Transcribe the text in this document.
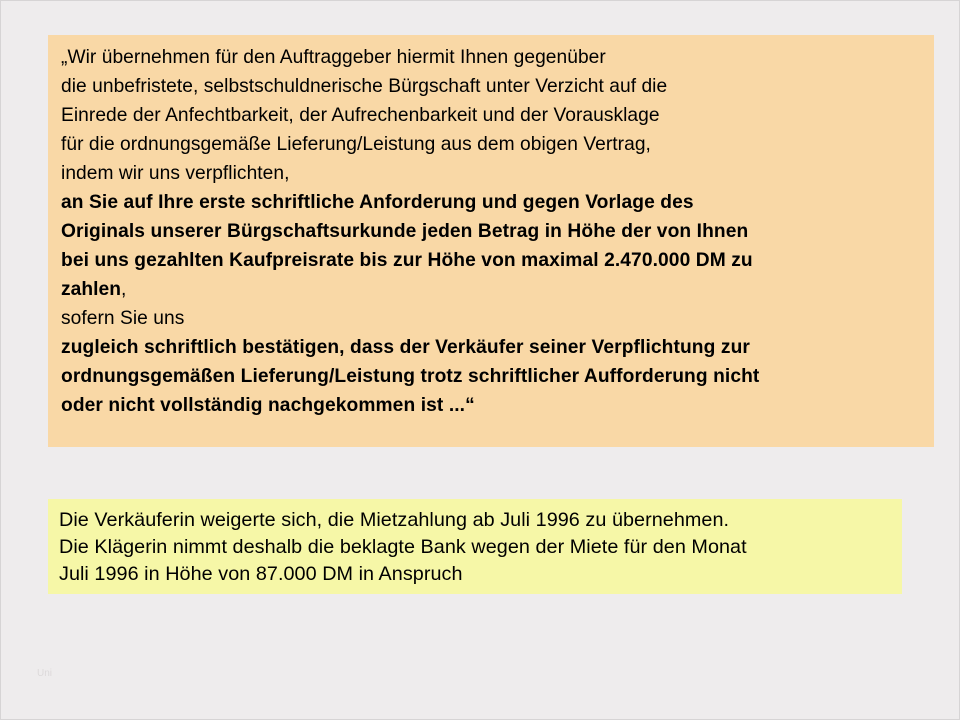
„Wir übernehmen für den Auftraggeber hiermit Ihnen gegenüber

die unbefristete, selbstschuldnerische Bürgschaft unter Verzicht auf die

Einrede der Anfechtbarkeit, der Aufrechenbarkeit und der Vorausklage

für die ordnungsgemäße Lieferung/Leistung aus dem obigen Vertrag,

indem wir uns verpflichten,

an Sie auf Ihre erste schriftliche Anforderung und gegen Vorlage des

Originals unserer Bürgschaftsurkunde jeden Betrag in Höhe der von Ihnen

bei uns gezahlten Kaufpreisrate bis zur Höhe von maximal 2.470.000 DM zu

zahlen,

sofern Sie uns

zugleich schriftlich bestätigen, dass der Verkäufer seiner Verpflichtung zur

ordnungsgemäßen Lieferung/Leistung trotz schriftlicher Aufforderung nicht

oder nicht vollständig nachgekommen ist ...“

Die Verkäuferin weigerte sich, die Mietzahlung ab Juli 1996 zu übernehmen.

Die Klägerin nimmt deshalb die beklagte Bank wegen der Miete für den Monat

Juli 1996 in Höhe von 87.000 DM in Anspruch

Uni
